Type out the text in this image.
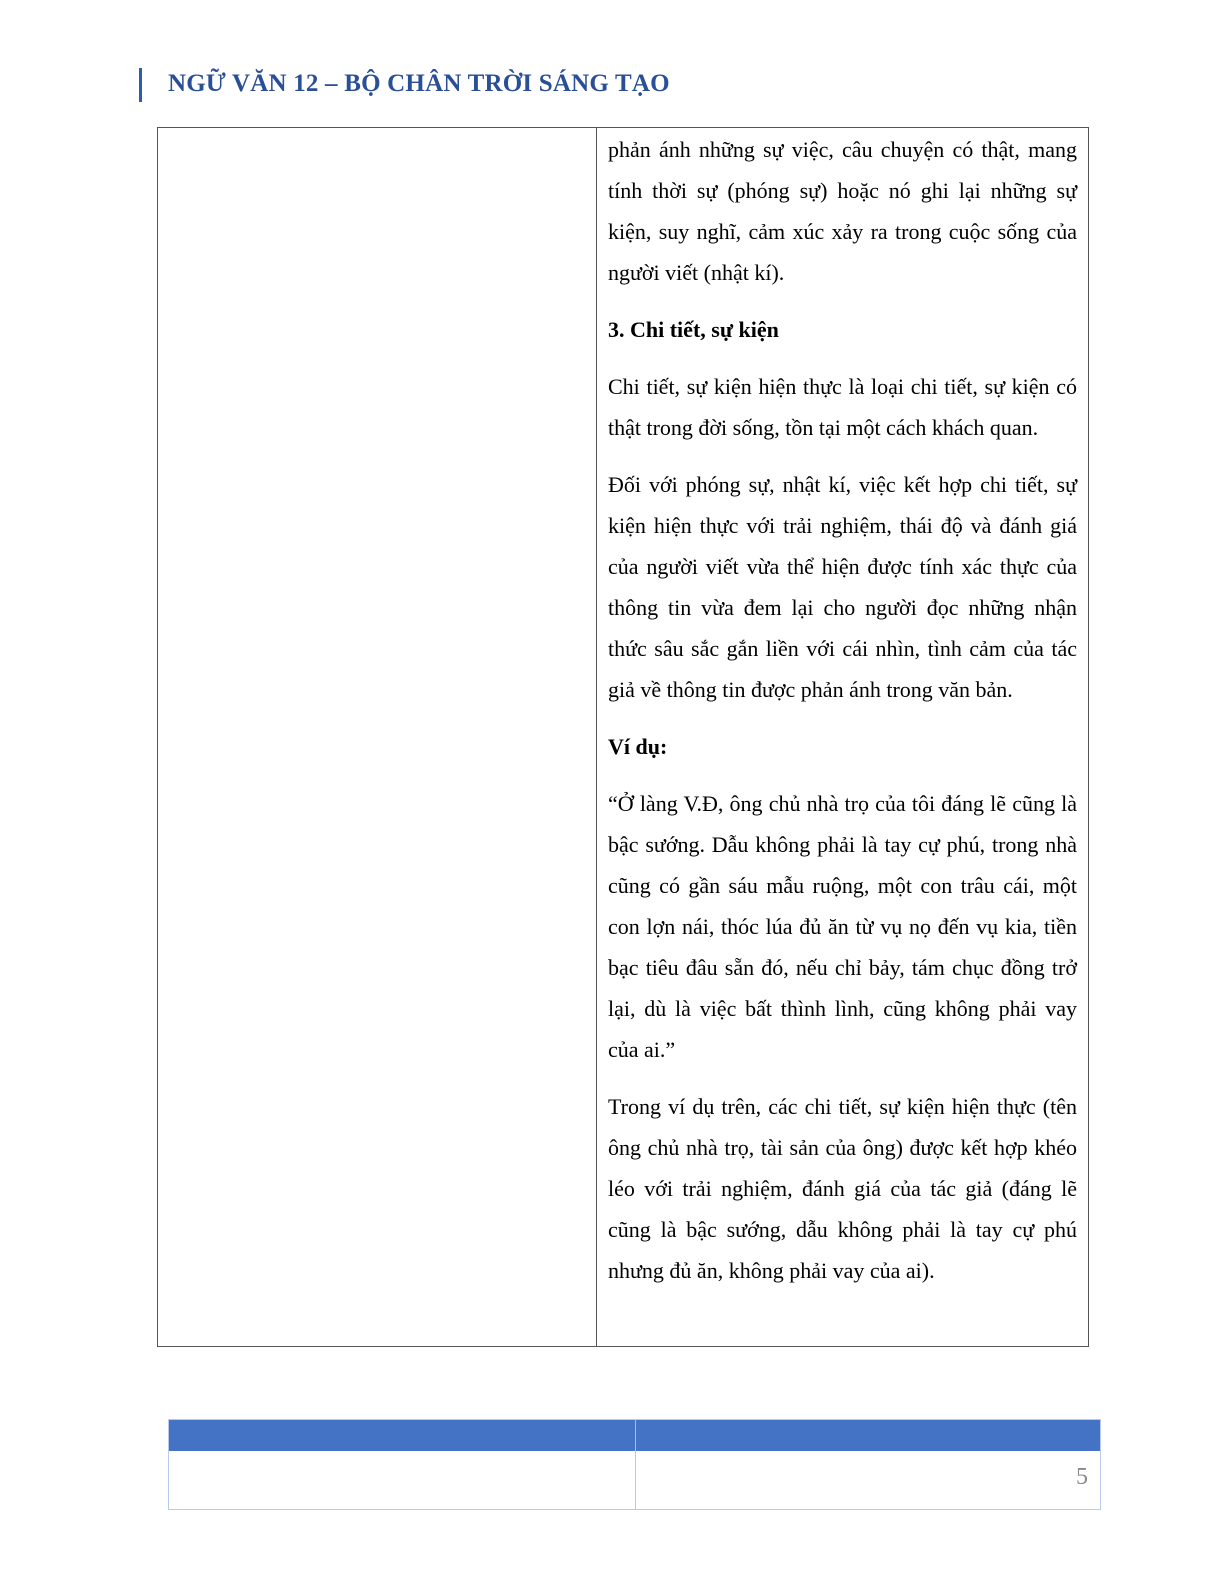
NGỮ VĂN 12 – BỘ CHÂN TRỜI SÁNG TẠO

phản ánh những sự việc, câu chuyện có thật, mang tính thời sự (phóng sự) hoặc nó ghi lại những sự kiện, suy nghĩ, cảm xúc xảy ra trong cuộc sống của người viết (nhật kí).

3. Chi tiết, sự kiện

Chi tiết, sự kiện hiện thực là loại chi tiết, sự kiện có thật trong đời sống, tồn tại một cách khách quan.

Đối với phóng sự, nhật kí, việc kết hợp chi tiết, sự kiện hiện thực với trải nghiệm, thái độ và đánh giá của người viết vừa thể hiện được tính xác thực của thông tin vừa đem lại cho người đọc những nhận thức sâu sắc gắn liền với cái nhìn, tình cảm của tác giả về thông tin được phản ánh trong văn bản.

Ví dụ:

“Ở làng V.Đ, ông chủ nhà trọ của tôi đáng lẽ cũng là bậc sướng. Dẫu không phải là tay cự phú, trong nhà cũng có gần sáu mẫu ruộng, một con trâu cái, một con lợn nái, thóc lúa đủ ăn từ vụ nọ đến vụ kia, tiền bạc tiêu đâu sẵn đó, nếu chỉ bảy, tám chục đồng trở lại, dù là việc bất thình lình, cũng không phải vay của ai.”

Trong ví dụ trên, các chi tiết, sự kiện hiện thực (tên ông chủ nhà trọ, tài sản của ông) được kết hợp khéo léo với trải nghiệm, đánh giá của tác giả (đáng lẽ cũng là bậc sướng, dẫu không phải là tay cự phú nhưng đủ ăn, không phải vay của ai).

5
